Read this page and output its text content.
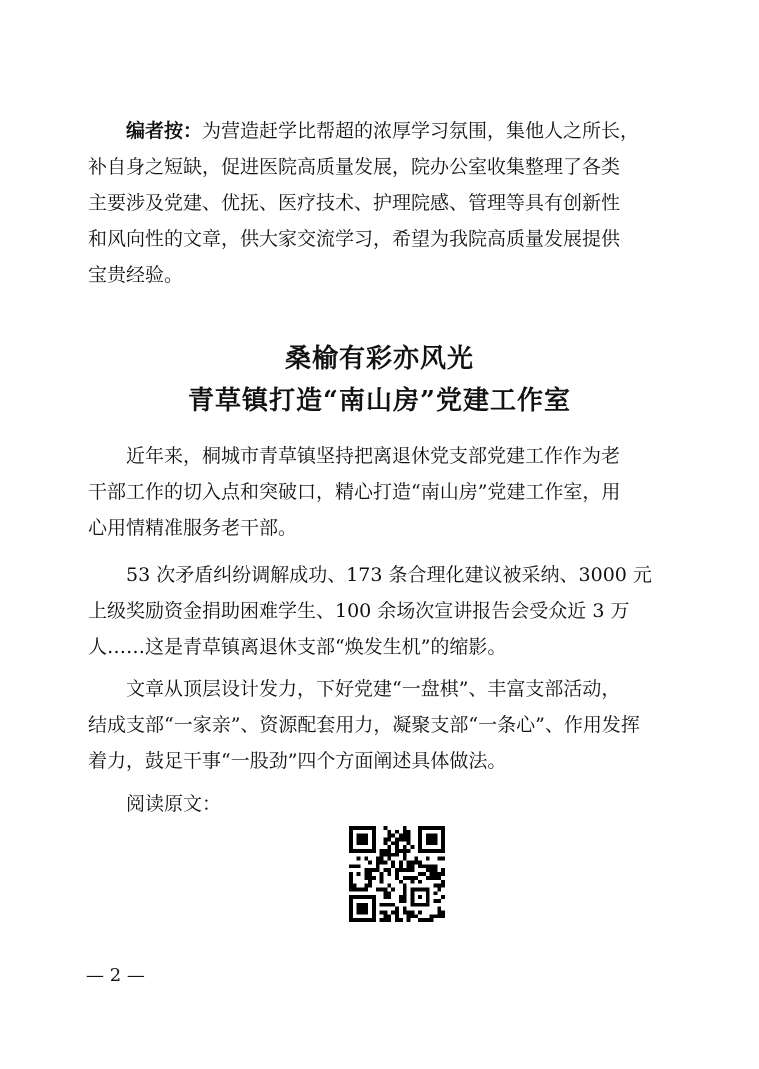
编者按：为营造赶学比帮超的浓厚学习氛围，集他人之所长，
补自身之短缺，促进医院高质量发展，院办公室收集整理了各类
主要涉及党建、优抚、医疗技术、护理院感、管理等具有创新性
和风向性的文章，供大家交流学习，希望为我院高质量发展提供
宝贵经验。
桑榆有彩亦风光
青草镇打造“南山房”党建工作室
近年来，桐城市青草镇坚持把离退休党支部党建工作作为老
干部工作的切入点和突破口，精心打造“南山房”党建工作室，用
心用情精准服务老干部。
53 次矛盾纠纷调解成功、173 条合理化建议被采纳、3000 元
上级奖励资金捐助困难学生、100 余场次宣讲报告会受众近 3 万
人……这是青草镇离退休支部“焕发生机”的缩影。
文章从顶层设计发力，下好党建“一盘棋”、丰富支部活动，
结成支部“一家亲”、资源配套用力，凝聚支部“一条心”、作用发挥
着力，鼓足干事“一股劲”四个方面阐述具体做法。
阅读原文：
— 2 —
